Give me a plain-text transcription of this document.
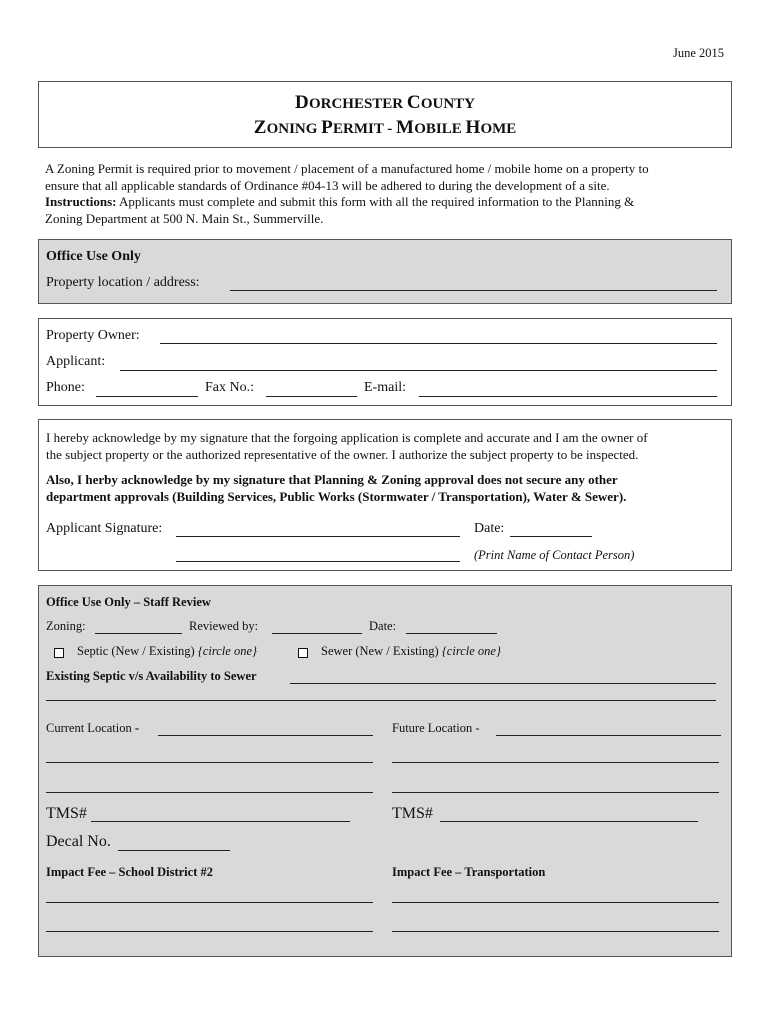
June 2015
DORCHESTER COUNTY
ZONING PERMIT - MOBILE HOME
A Zoning Permit is required prior to movement / placement of a manufactured home / mobile home on a property to
ensure that all applicable standards of Ordinance #04-13 will be adhered to during the development of a site.
Instructions: Applicants must complete and submit this form with all the required information to the Planning &
Zoning Department at 500 N. Main St., Summerville.
Office Use Only
Property location / address:
Property Owner:
Applicant:
Phone:	Fax No.:	E-mail:
I hereby acknowledge by my signature that the forgoing application is complete and accurate and I am the owner of
the subject property or the authorized representative of the owner. I authorize the subject property to be inspected.
Also, I herby acknowledge by my signature that Planning & Zoning approval does not secure any other
department approvals (Building Services, Public Works (Stormwater / Transportation), Water & Sewer).
Applicant Signature:	Date:
(Print Name of Contact Person)
Office Use Only – Staff Review
Zoning:	Reviewed by:	Date:
Septic (New / Existing) {circle one}	Sewer (New / Existing) {circle one}
Existing Septic v/s Availability to Sewer
Current Location -	Future Location -
TMS#	TMS#
Decal No.
Impact Fee – School District #2	Impact Fee – Transportation
